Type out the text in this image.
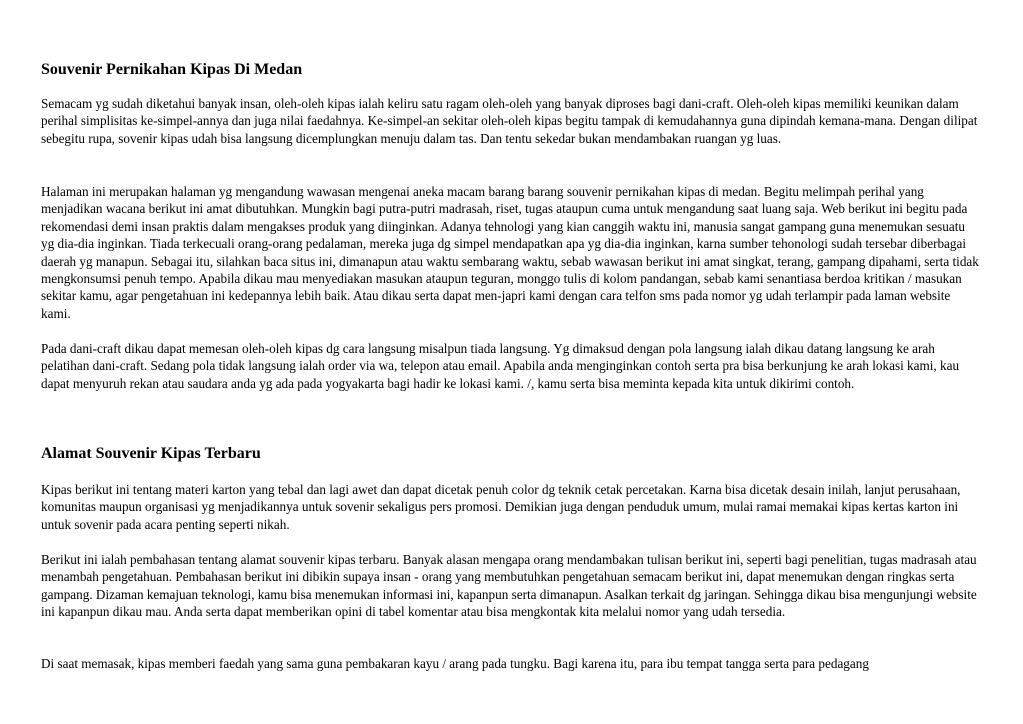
Souvenir Pernikahan Kipas Di Medan

Semacam yg sudah diketahui banyak insan, oleh-oleh kipas ialah keliru satu ragam oleh-oleh yang banyak diproses bagi dani-craft. Oleh-oleh kipas memiliki keunikan dalam perihal simplisitas ke-simpel-annya dan juga nilai faedahnya. Ke-simpel-an sekitar oleh-oleh kipas begitu tampak di kemudahannya guna dipindah kemana-mana. Dengan dilipat sebegitu rupa, sovenir kipas udah bisa langsung dicemplungkan menuju dalam tas. Dan tentu sekedar bukan mendambakan ruangan yg luas.

Halaman ini merupakan halaman yg mengandung wawasan mengenai aneka macam barang barang souvenir pernikahan kipas di medan. Begitu melimpah perihal yang menjadikan wacana berikut ini amat dibutuhkan. Mungkin bagi putra-putri madrasah, riset, tugas ataupun cuma untuk mengandung saat luang saja. Web berikut ini begitu pada rekomendasi demi insan praktis dalam mengakses produk yang diinginkan. Adanya tehnologi yang kian canggih waktu ini, manusia sangat gampang guna menemukan sesuatu yg dia-dia inginkan. Tiada terkecuali orang-orang pedalaman, mereka juga dg simpel mendapatkan apa yg dia-dia inginkan, karna sumber tehonologi sudah tersebar diberbagai daerah yg manapun. Sebagai itu, silahkan baca situs ini, dimanapun atau waktu sembarang waktu, sebab wawasan berikut ini amat singkat, terang, gampang dipahami, serta tidak mengkonsumsi penuh tempo. Apabila dikau mau menyediakan masukan ataupun teguran, monggo tulis di kolom pandangan, sebab kami senantiasa berdoa kritikan / masukan sekitar kamu, agar pengetahuan ini kedepannya lebih baik. Atau dikau serta dapat men-japri kami dengan cara telfon sms pada nomor yg udah terlampir pada laman website kami.

Pada dani-craft dikau dapat memesan oleh-oleh kipas dg cara langsung misalpun tiada langsung. Yg dimaksud dengan pola langsung ialah dikau datang langsung ke arah pelatihan dani-craft. Sedang pola tidak langsung ialah order via wa, telepon atau email. Apabila anda menginginkan contoh serta pra bisa berkunjung ke arah lokasi kami, kau dapat menyuruh rekan atau saudara anda yg ada pada yogyakarta bagi hadir ke lokasi kami. /, kamu serta bisa meminta kepada kita untuk dikirimi contoh.

Alamat Souvenir Kipas Terbaru

Kipas berikut ini tentang materi karton yang tebal dan lagi awet dan dapat dicetak penuh color dg teknik cetak percetakan. Karna bisa dicetak desain inilah, lanjut perusahaan, komunitas maupun organisasi yg menjadikannya untuk sovenir sekaligus pers promosi. Demikian juga dengan penduduk umum, mulai ramai memakai kipas kertas karton ini untuk sovenir pada acara penting seperti nikah.

Berikut ini ialah pembahasan tentang alamat souvenir kipas terbaru. Banyak alasan mengapa orang mendambakan tulisan berikut ini, seperti bagi penelitian, tugas madrasah atau menambah pengetahuan. Pembahasan berikut ini dibikin supaya insan - orang yang membutuhkan pengetahuan semacam berikut ini, dapat menemukan dengan ringkas serta gampang. Dizaman kemajuan teknologi, kamu bisa menemukan informasi ini, kapanpun serta dimanapun. Asalkan terkait dg jaringan. Sehingga dikau bisa mengunjungi website ini kapanpun dikau mau. Anda serta dapat memberikan opini di tabel komentar atau bisa mengkontak kita melalui nomor yang udah tersedia.

Di saat memasak, kipas memberi faedah yang sama guna pembakaran kayu / arang pada tungku. Bagi karena itu, para ibu tempat tangga serta para pedagang
